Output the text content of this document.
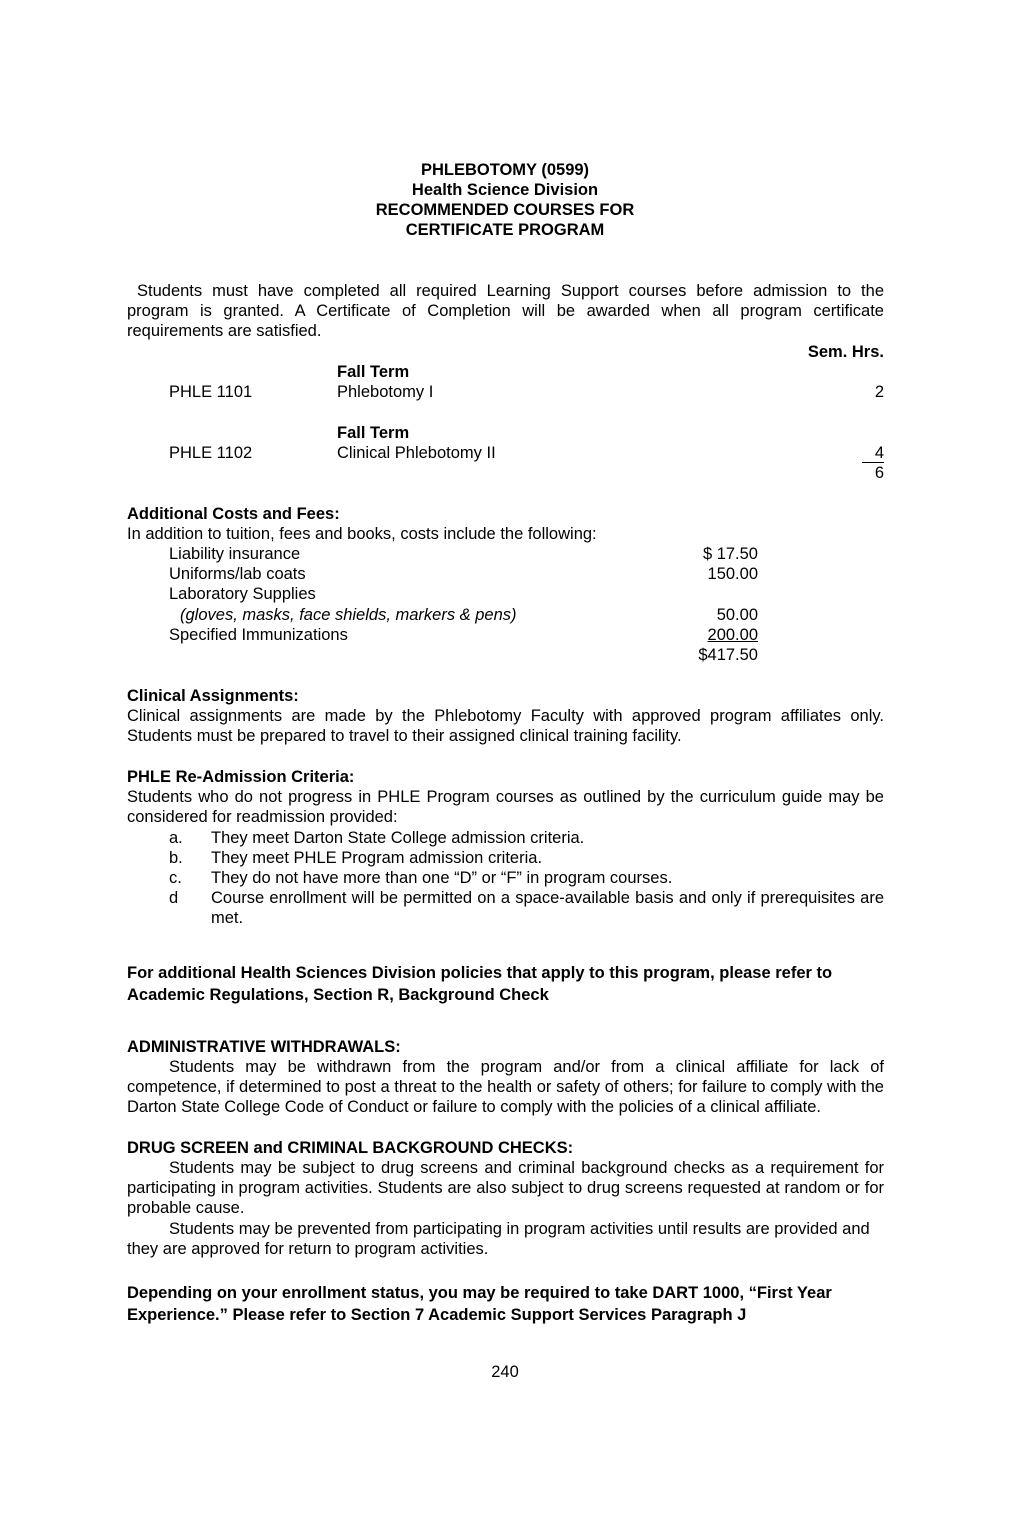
PHLEBOTOMY (0599)
Health Science Division
RECOMMENDED COURSES FOR
CERTIFICATE PROGRAM
Students must have completed all required Learning Support courses before admission to the program is granted. A Certificate of Completion will be awarded when all program certificate requirements are satisfied.
Sem. Hrs.
Fall Term
PHLE 1101	Phlebotomy I	2
Fall Term
PHLE 1102	Clinical Phlebotomy II	4
6
Additional Costs and Fees:
In addition to tuition, fees and books, costs include the following:
Liability insurance	$ 17.50
Uniforms/lab coats	150.00
Laboratory Supplies
(gloves, masks, face shields, markers & pens)	50.00
Specified Immunizations	200.00
$417.50
Clinical Assignments:
Clinical assignments are made by the Phlebotomy Faculty with approved program affiliates only. Students must be prepared to travel to their assigned clinical training facility.
PHLE Re-Admission Criteria:
Students who do not progress in PHLE Program courses as outlined by the curriculum guide may be considered for readmission provided:
a. They meet Darton State College admission criteria.
b. They meet PHLE Program admission criteria.
c. They do not have more than one “D” or “F” in program courses.
d Course enrollment will be permitted on a space-available basis and only if prerequisites are met.
For additional Health Sciences Division policies that apply to this program, please refer to Academic Regulations, Section R, Background Check
ADMINISTRATIVE WITHDRAWALS:
Students may be withdrawn from the program and/or from a clinical affiliate for lack of competence, if determined to post a threat to the health or safety of others; for failure to comply with the Darton State College Code of Conduct or failure to comply with the policies of a clinical affiliate.
DRUG SCREEN and CRIMINAL BACKGROUND CHECKS:
Students may be subject to drug screens and criminal background checks as a requirement for participating in program activities. Students are also subject to drug screens requested at random or for probable cause.
Students may be prevented from participating in program activities until results are provided and they are approved for return to program activities.
Depending on your enrollment status, you may be required to take DART 1000, “First Year Experience.” Please refer to Section 7 Academic Support Services Paragraph J
240
